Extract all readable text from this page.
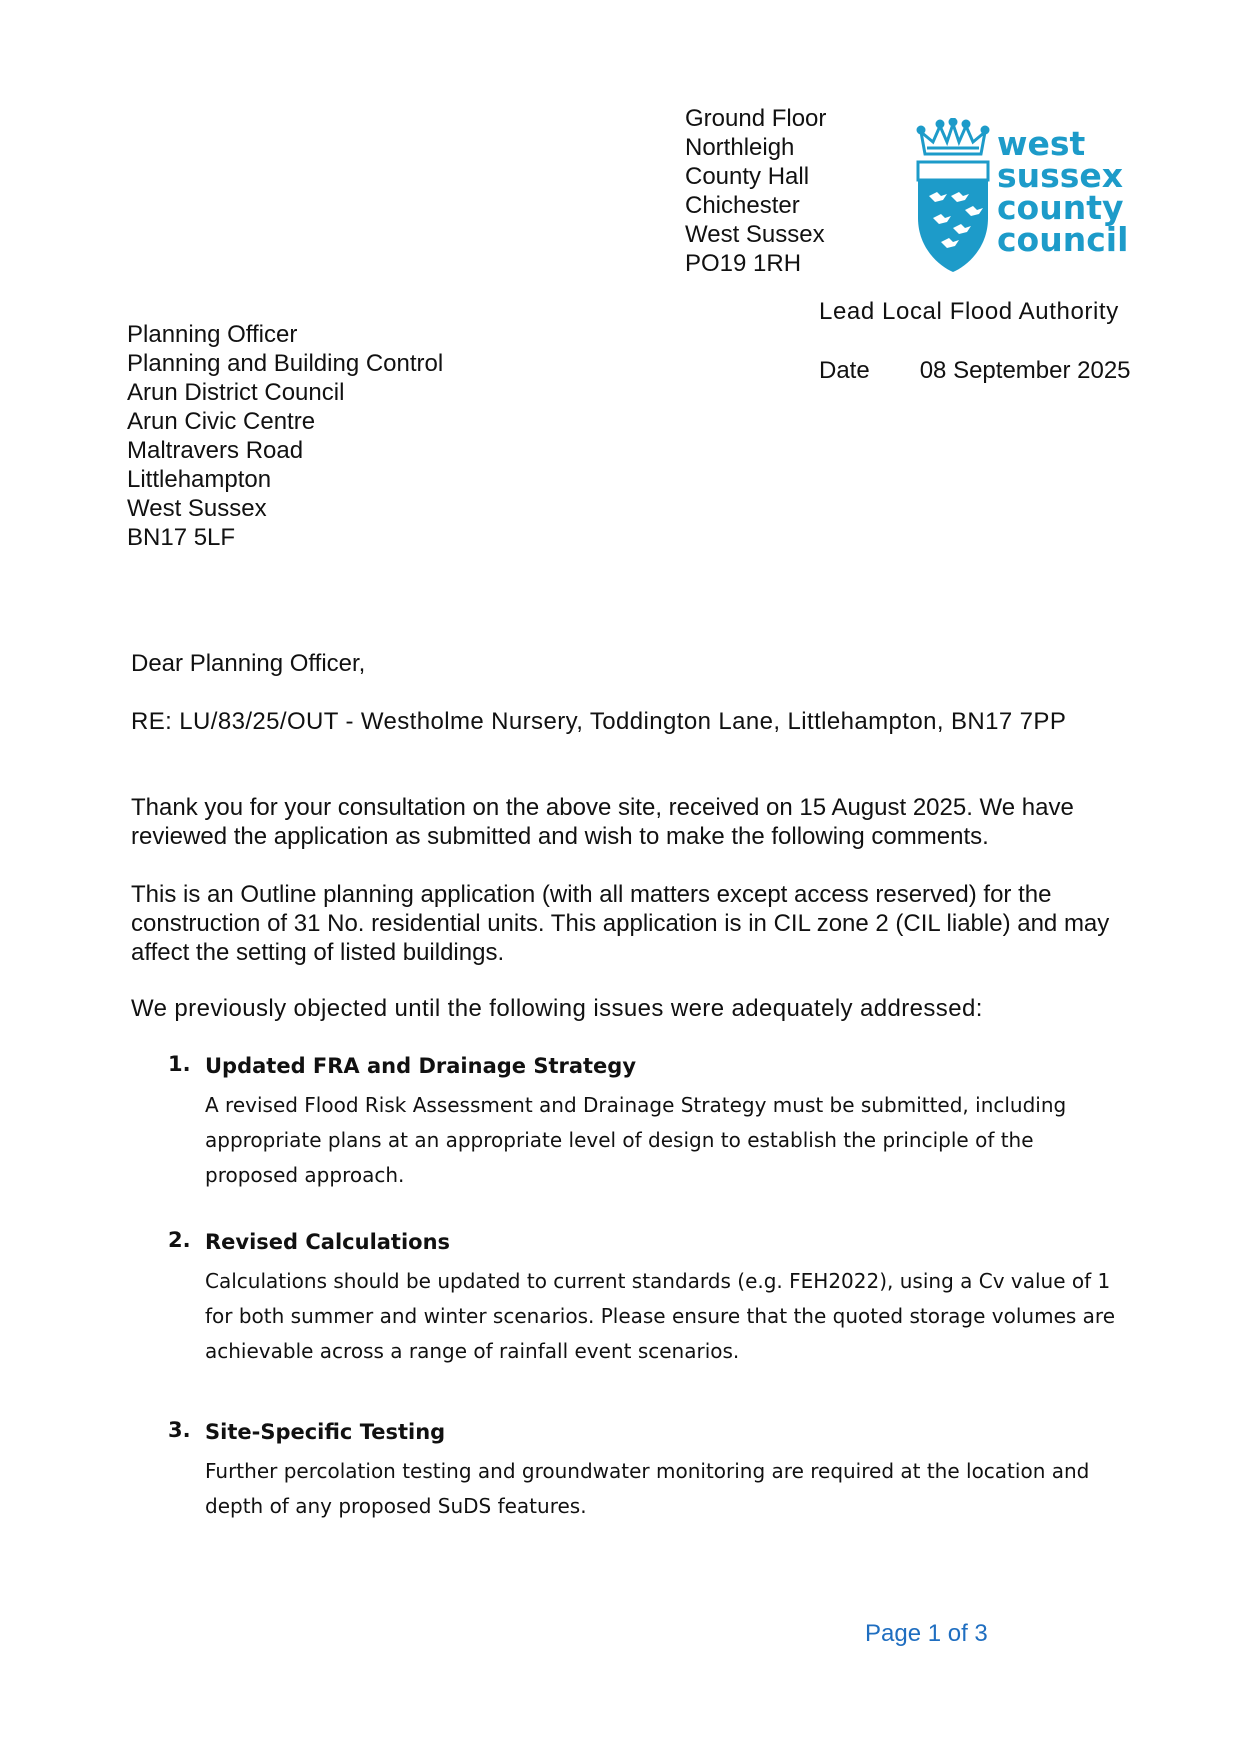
Ground Floor

Northleigh

County Hall

Chichester

West Sussex

PO19 1RH

west
sussex
county
council
Lead Local Flood Authority
Date 08 September 2025

Planning Officer

Planning and Building Control

Arun District Council

Arun Civic Centre

Maltravers Road

Littlehampton

West Sussex

BN17 5LF

Dear Planning Officer,

RE: LU/83/25/OUT - Westholme Nursery, Toddington Lane, Littlehampton, BN17 7PP

Thank you for your consultation on the above site, received on 15 August 2025. We have reviewed the application as submitted and wish to make the following comments.

This is an Outline planning application (with all matters except access reserved) for the construction of 31 No. residential units. This application is in CIL zone 2 (CIL liable) and may affect the setting of listed buildings.

We previously objected until the following issues were adequately addressed:

1. Updated FRA and Drainage Strategy

A revised Flood Risk Assessment and Drainage Strategy must be submitted, including appropriate plans at an appropriate level of design to establish the principle of the proposed approach.

2. Revised Calculations

Calculations should be updated to current standards (e.g. FEH2022), using a Cv value of 1 for both summer and winter scenarios. Please ensure that the quoted storage volumes are achievable across a range of rainfall event scenarios.

3. Site-Specific Testing

Further percolation testing and groundwater monitoring are required at the location and depth of any proposed SuDS features.

Page 1 of 3
